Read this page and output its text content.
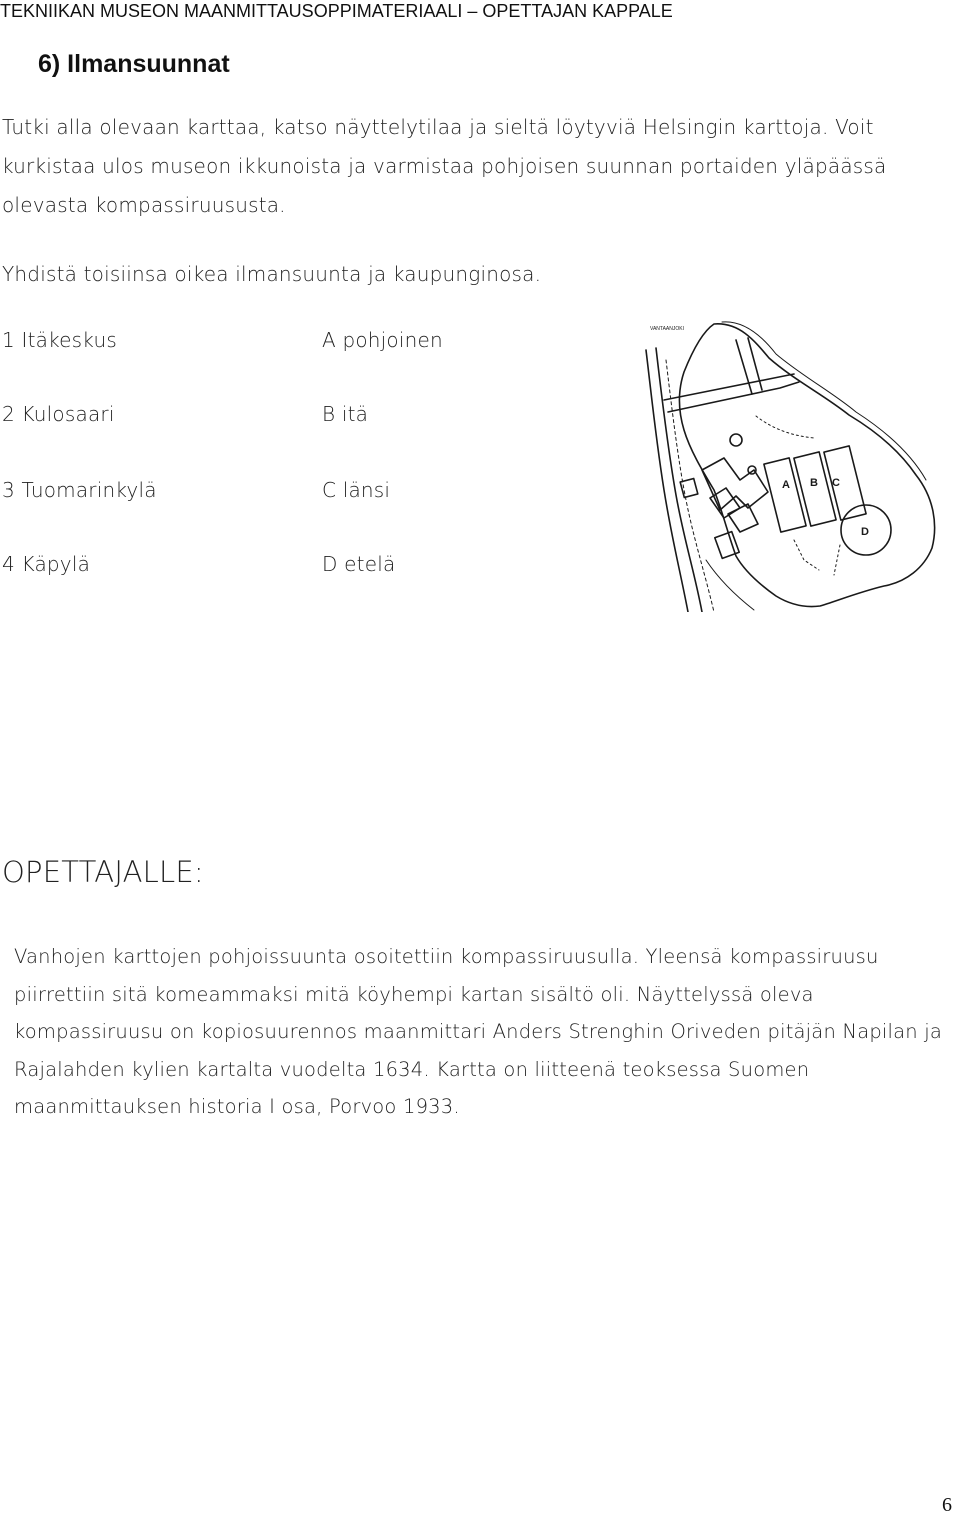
TEKNIIKAN MUSEON MAANMITTAUSOPPIMATERIAALI – OPETTAJAN KAPPALE
6) Ilmansuunnat
Tutki alla olevaan karttaa, katso näyttelytilaa ja sieltä löytyviä Helsingin karttoja. Voit kurkistaa ulos museon ikkunoista ja varmistaa pohjoisen suunnan portaiden yläpäässä olevasta kompassiruususta.
Yhdistä toisiinsa oikea ilmansuunta ja kaupunginosa.
1 Itäkeskus
2 Kulosaari
3 Tuomarinkylä
4 Käpylä
A pohjoinen
B itä
C länsi
D etelä
VANTAANJOKI
A B C
D
OPETTAJALLE:
Vanhojen karttojen pohjoissuunta osoitettiin kompassiruusulla. Yleensä kompassiruusu piirrettiin sitä komeammaksi mitä köyhempi kartan sisältö oli. Näyttelyssä oleva kompassiruusu on kopiosuurennos maanmittari Anders Strenghin Oriveden pitäjän Napilan ja Rajalahden kylien kartalta vuodelta 1634. Kartta on liitteenä teoksessa Suomen maanmittauksen historia I osa, Porvoo 1933.
6
